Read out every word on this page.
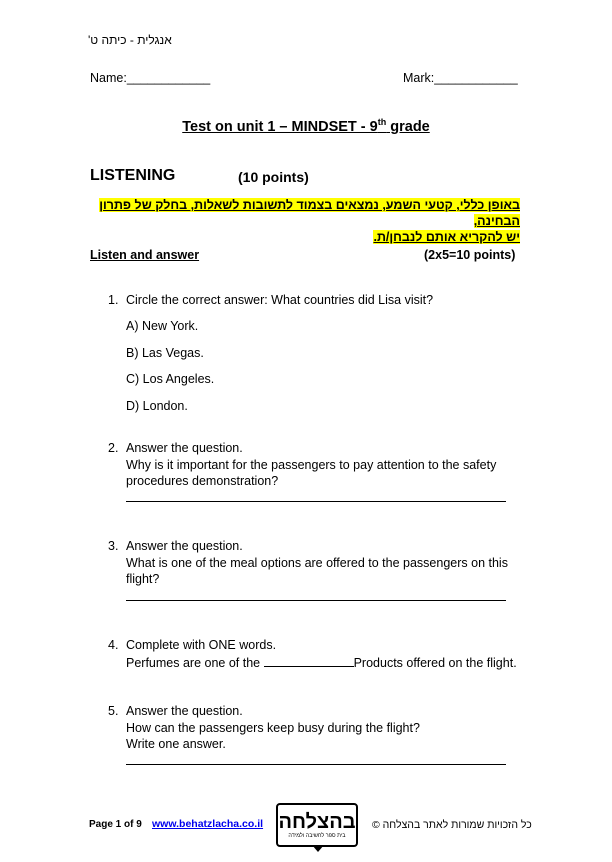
אנגלית - כיתה ט'
Name:____________	Mark:____________
Test on unit 1 – MINDSET - 9th grade
LISTENING	(10 points)
באופן כללי, קטעי השמע, נמצאים בצמוד לתשובות לשאלות, בחלק של פתרון הבחינה,
יש להקריא אותם לנבחן/ת.
Listen and answer	(2x5=10 points)
1. Circle the correct answer: What countries did Lisa visit?
A) New York.
B) Las Vegas.
C) Los Angeles.
D) London.
2. Answer the question.
Why is it important for the passengers to pay attention to the safety
procedures demonstration?
3. Answer the question.
What is one of the meal options are offered to the passengers on this
flight?
4. Complete with ONE words.
Perfumes are one of the	Products offered on the flight.
5. Answer the question.
How can the passengers keep busy during the flight?
Write one answer.
Page 1 of 9 www.behatzlacha.co.il בהצלחה
בית ספר לחשיבה ולמידה
כל הזכויות שמורות לאתר בהצלחה ©
